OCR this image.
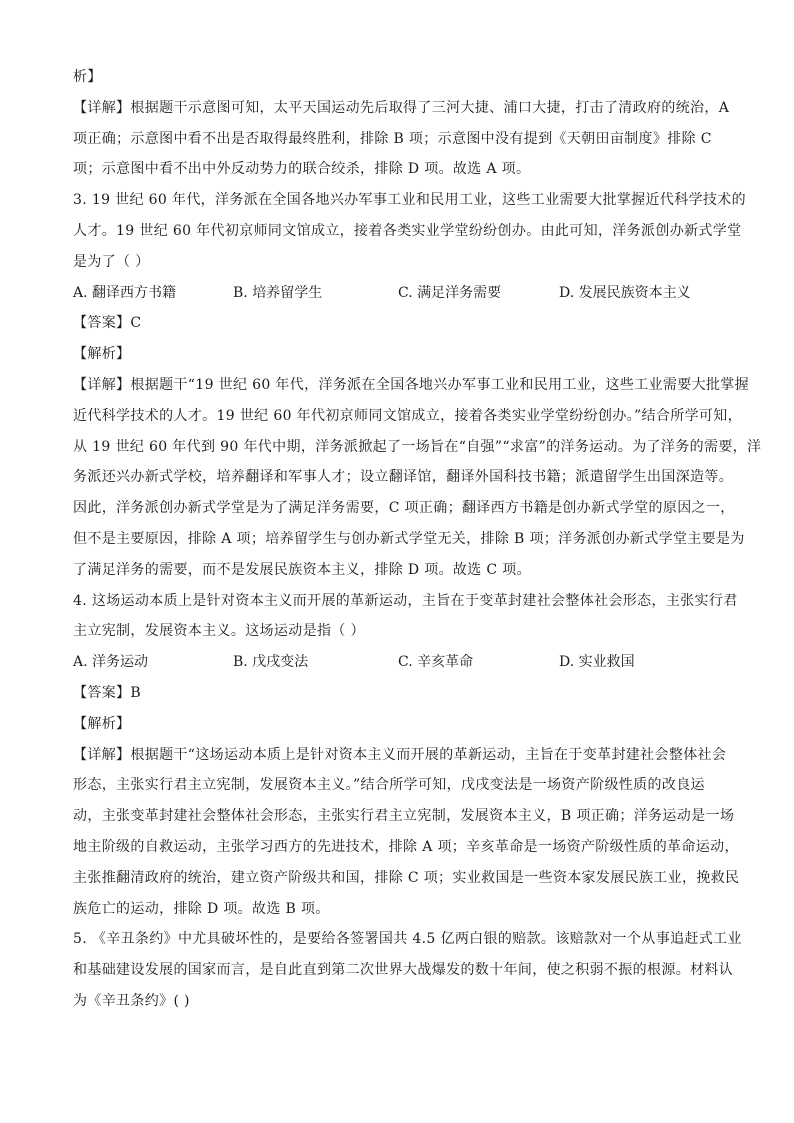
析】

【详解】根据题干示意图可知，太平天国运动先后取得了三河大捷、浦口大捷，打击了清政府的统治，A

项正确；示意图中看不出是否取得最终胜利，排除 B 项；示意图中没有提到《天朝田亩制度》排除 C

项；示意图中看不出中外反动势力的联合绞杀，排除 D 项。故选 A 项。

3. 19 世纪 60 年代，洋务派在全国各地兴办军事工业和民用工业，这些工业需要大批掌握近代科学技术的

人才。19 世纪 60 年代初京师同文馆成立，接着各类实业学堂纷纷创办。由此可知，洋务派创办新式学堂

是为了（ ）

A. 翻译西方书籍	B. 培养留学生	C. 满足洋务需要	D. 发展民族资本主义

【答案】C

【解析】

【详解】根据题干“19 世纪 60 年代，洋务派在全国各地兴办军事工业和民用工业，这些工业需要大批掌握

近代科学技术的人才。19 世纪 60 年代初京师同文馆成立，接着各类实业学堂纷纷创办。”结合所学可知，

从 19 世纪 60 年代到 90 年代中期，洋务派掀起了一场旨在“自强”“求富”的洋务运动。为了洋务的需要，洋

务派还兴办新式学校，培养翻译和军事人才；设立翻译馆，翻译外国科技书籍；派遣留学生出国深造等。

因此，洋务派创办新式学堂是为了满足洋务需要，C 项正确；翻译西方书籍是创办新式学堂的原因之一，

但不是主要原因，排除 A 项；培养留学生与创办新式学堂无关，排除 B 项；洋务派创办新式学堂主要是为

了满足洋务的需要，而不是发展民族资本主义，排除 D 项。故选 C 项。

4. 这场运动本质上是针对资本主义而开展的革新运动，主旨在于变革封建社会整体社会形态，主张实行君

主立宪制，发展资本主义。这场运动是指（ ）

A. 洋务运动	B. 戊戌变法	C. 辛亥革命	D. 实业救国

【答案】B

【解析】

【详解】根据题干“这场运动本质上是针对资本主义而开展的革新运动，主旨在于变革封建社会整体社会

形态，主张实行君主立宪制，发展资本主义。”结合所学可知，戊戌变法是一场资产阶级性质的改良运

动，主张变革封建社会整体社会形态，主张实行君主立宪制，发展资本主义，B 项正确；洋务运动是一场

地主阶级的自救运动，主张学习西方的先进技术，排除 A 项；辛亥革命是一场资产阶级性质的革命运动，

主张推翻清政府的统治，建立资产阶级共和国，排除 C 项；实业救国是一些资本家发展民族工业，挽救民

族危亡的运动，排除 D 项。故选 B 项。

5. 《辛丑条约》中尤具破坏性的，是要给各签署国共 4.5 亿两白银的赔款。该赔款对一个从事追赶式工业

和基础建设发展的国家而言，是自此直到第二次世界大战爆发的数十年间，使之积弱不振的根源。材料认

为《辛丑条约》( )
